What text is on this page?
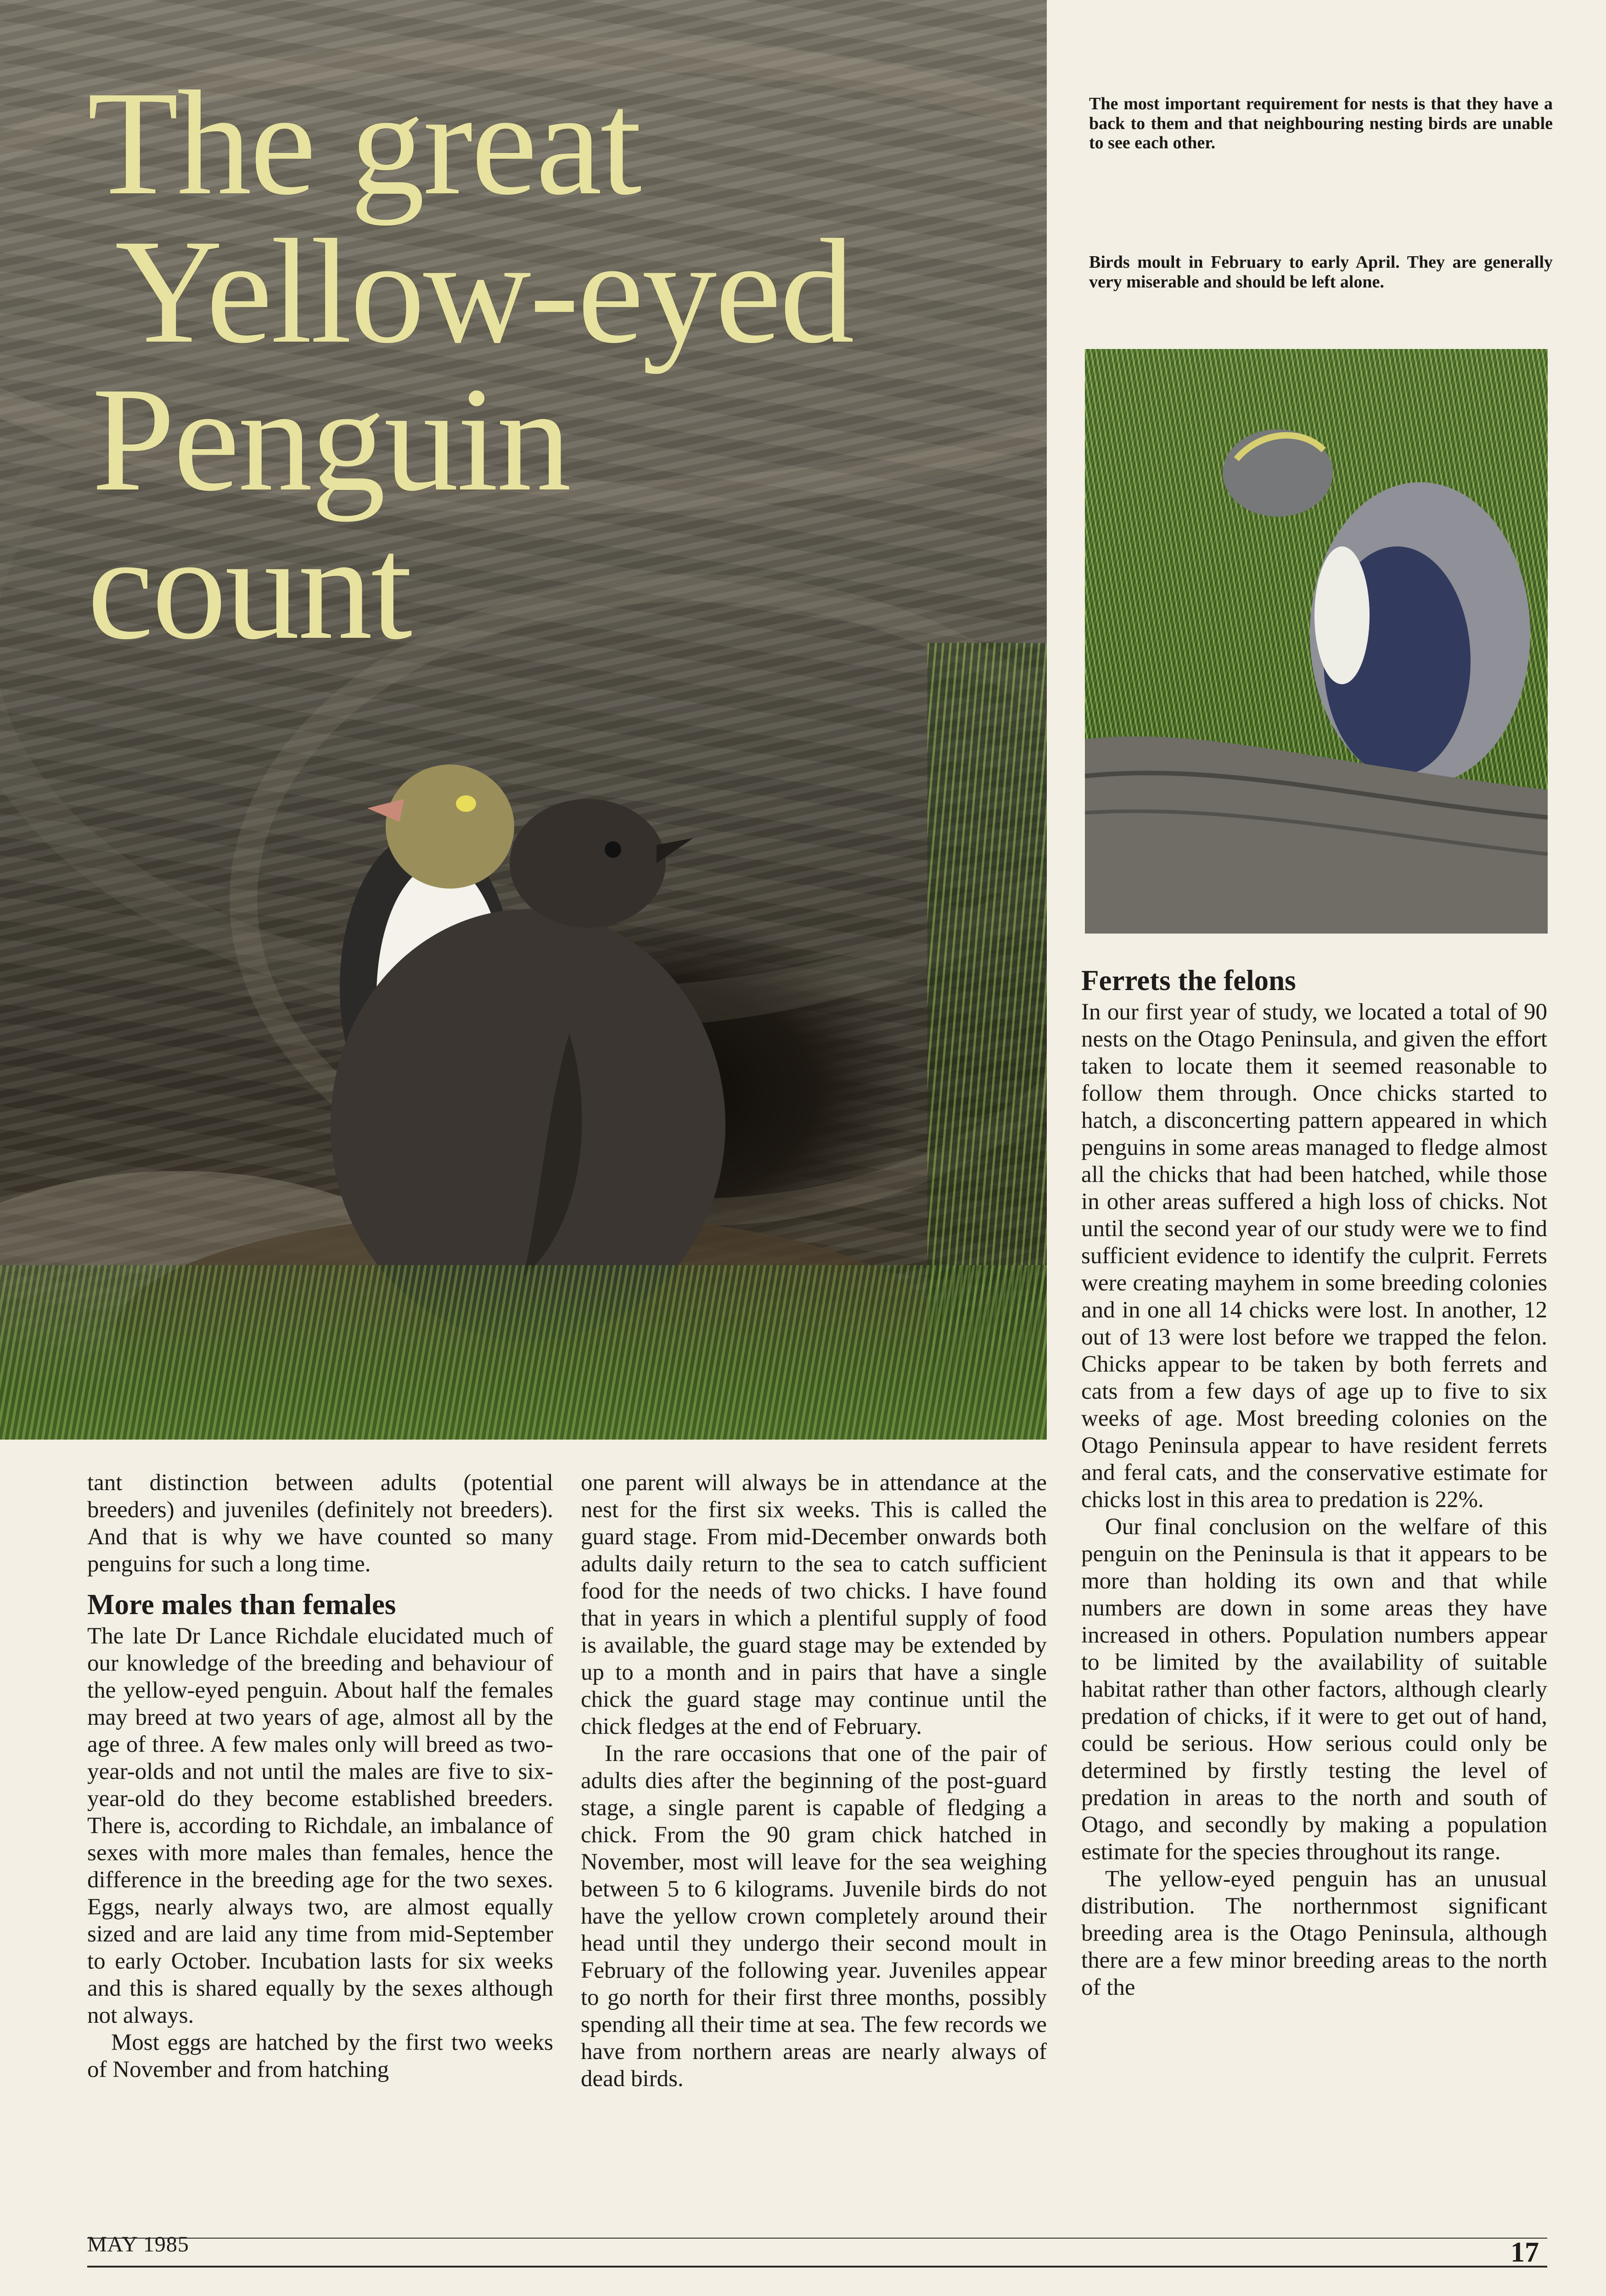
The great
Yellow-eyed
Penguin
count

The most important requirement for nests is that they have a back to them and that neighbouring nesting birds are unable to see each other.

Birds moult in February to early April. They are generally very miserable and should be left alone.

tant distinction between adults (potential breeders) and juveniles (definitely not breeders). And that is why we have counted so many penguins for such a long time.

More males than females

The late Dr Lance Richdale elucidated much of our knowledge of the breeding and behaviour of the yellow-eyed penguin. About half the females may breed at two years of age, almost all by the age of three. A few males only will breed as two-year-olds and not until the males are five to six-year-old do they become established breeders. There is, according to Richdale, an imbalance of sexes with more males than females, hence the difference in the breeding age for the two sexes. Eggs, nearly always two, are almost equally sized and are laid any time from mid-September to early October. Incubation lasts for six weeks and this is shared equally by the sexes although not always.

Most eggs are hatched by the first two weeks of November and from hatching

one parent will always be in attendance at the nest for the first six weeks. This is called the guard stage. From mid-December onwards both adults daily return to the sea to catch sufficient food for the needs of two chicks. I have found that in years in which a plentiful supply of food is available, the guard stage may be extended by up to a month and in pairs that have a single chick the guard stage may continue until the chick fledges at the end of February.

In the rare occasions that one of the pair of adults dies after the beginning of the post-guard stage, a single parent is capable of fledging a chick. From the 90 gram chick hatched in November, most will leave for the sea weighing between 5 to 6 kilograms. Juvenile birds do not have the yellow crown completely around their head until they undergo their second moult in February of the following year. Juveniles appear to go north for their first three months, possibly spending all their time at sea. The few records we have from northern areas are nearly always of dead birds.

Ferrets the felons

In our first year of study, we located a total of 90 nests on the Otago Peninsula, and given the effort taken to locate them it seemed reasonable to follow them through. Once chicks started to hatch, a disconcerting pattern appeared in which penguins in some areas managed to fledge almost all the chicks that had been hatched, while those in other areas suffered a high loss of chicks. Not until the second year of our study were we to find sufficient evidence to identify the culprit. Ferrets were creating mayhem in some breeding colonies and in one all 14 chicks were lost. In another, 12 out of 13 were lost before we trapped the felon. Chicks appear to be taken by both ferrets and cats from a few days of age up to five to six weeks of age. Most breeding colonies on the Otago Peninsula appear to have resident ferrets and feral cats, and the conservative estimate for chicks lost in this area to predation is 22%.

Our final conclusion on the welfare of this penguin on the Peninsula is that it appears to be more than holding its own and that while numbers are down in some areas they have increased in others. Population numbers appear to be limited by the availability of suitable habitat rather than other factors, although clearly predation of chicks, if it were to get out of hand, could be serious. How serious could only be determined by firstly testing the level of predation in areas to the north and south of Otago, and secondly by making a population estimate for the species throughout its range.

The yellow-eyed penguin has an unusual distribution. The northernmost significant breeding area is the Otago Peninsula, although there are a few minor breeding areas to the north of the

MAY 1985	17
